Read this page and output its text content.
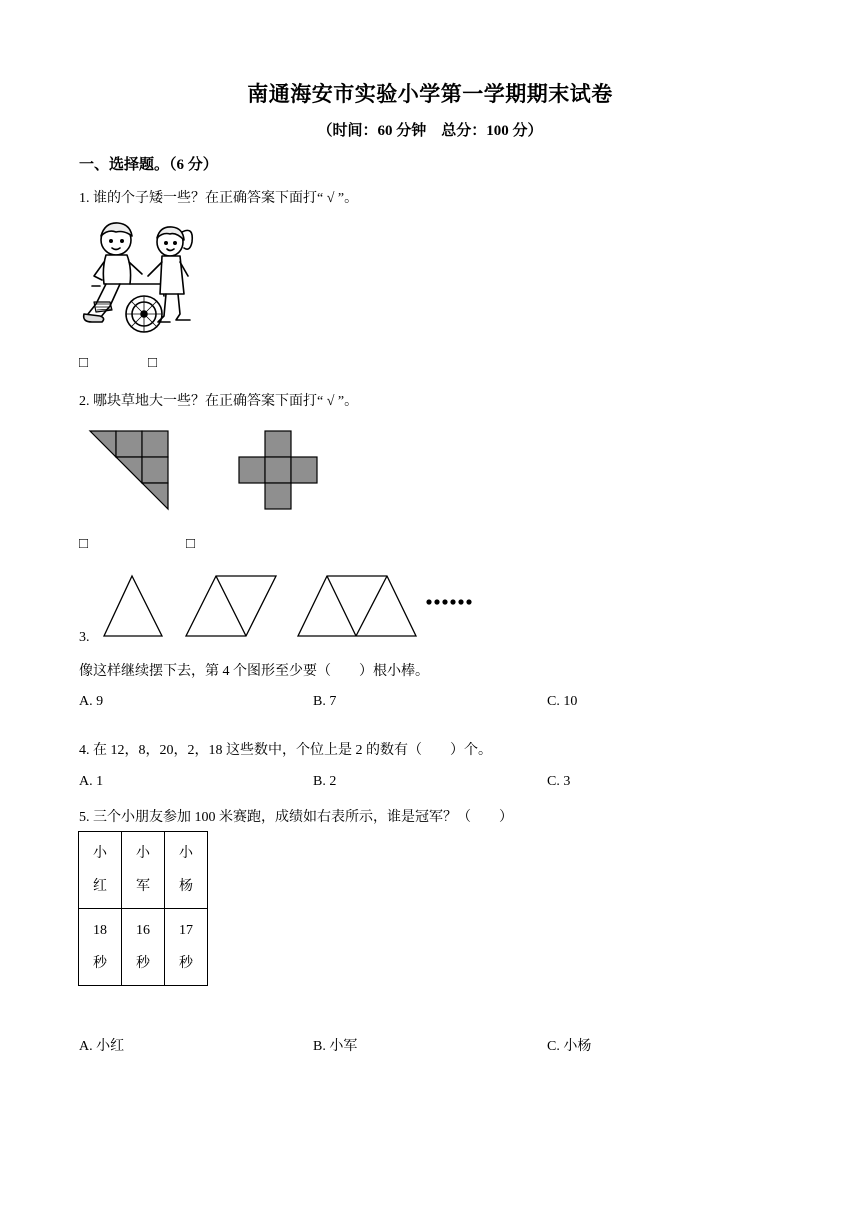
南通海安市实验小学第一学期期末试卷
（时间：60 分钟　总分：100 分）
一、选择题。（6 分）
1. 谁的个子矮一些？在正确答案下面打“ √ ”。
□	□
2. 哪块草地大一些？在正确答案下面打“ √ ”。
□	□
3.
像这样继续摆下去，第 4 个图形至少要（　　）根小棒。
A. 9	B. 7	C. 10
4. 在 12，8，20，2，18 这些数中，个位上是 2 的数有（　　）个。
A. 1	B. 2	C. 3
5. 三个小朋友参加 100 米赛跑，成绩如右表所示，谁是冠军？（　　）
小红	小军	小杨

18 秒	16 秒	17 秒
A. 小红	B. 小军	C. 小杨
